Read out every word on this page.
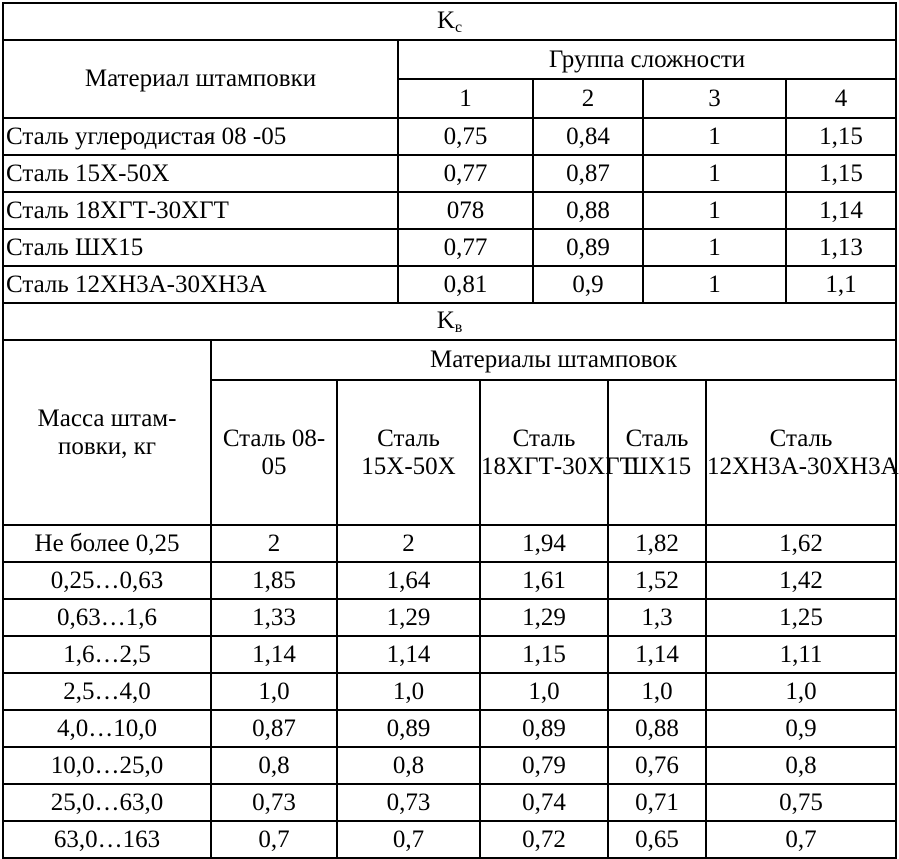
$K_с$
Материал штамповки	Группа сложности			
	1	2	3	4
Сталь углеродистая 08 -05	0,75	0,84	1	1,15
Сталь 15Х-50Х	0,77	0,87	1	1,15
Сталь 18ХГТ-30ХГТ	078	0,88	1	1,14
Сталь ШХ15	0,77	0,89	1	1,13
Сталь 12ХН3А-30ХН3А	0,81	0,9	1	1,1
$K_в$
Масса штам-повки, кг	Материалы штамповок				
	Сталь 08-05	Сталь 15Х-50Х	Сталь 18ХГТ-30ХГТ	Сталь ШХ15	Сталь 12ХН3А-30ХН3А
Не более 0,25	2	2	1,94	1,82	1,62
0,25…0,63	1,85	1,64	1,61	1,52	1,42
0,63…1,6	1,33	1,29	1,29	1,3	1,25
1,6…2,5	1,14	1,14	1,15	1,14	1,11
2,5…4,0	1,0	1,0	1,0	1,0	1,0
4,0…10,0	0,87	0,89	0,89	0,88	0,9
10,0…25,0	0,8	0,8	0,79	0,76	0,8
25,0…63,0	0,73	0,73	0,74	0,71	0,75
63,0…163	0,7	0,7	0,72	0,65	0,7
